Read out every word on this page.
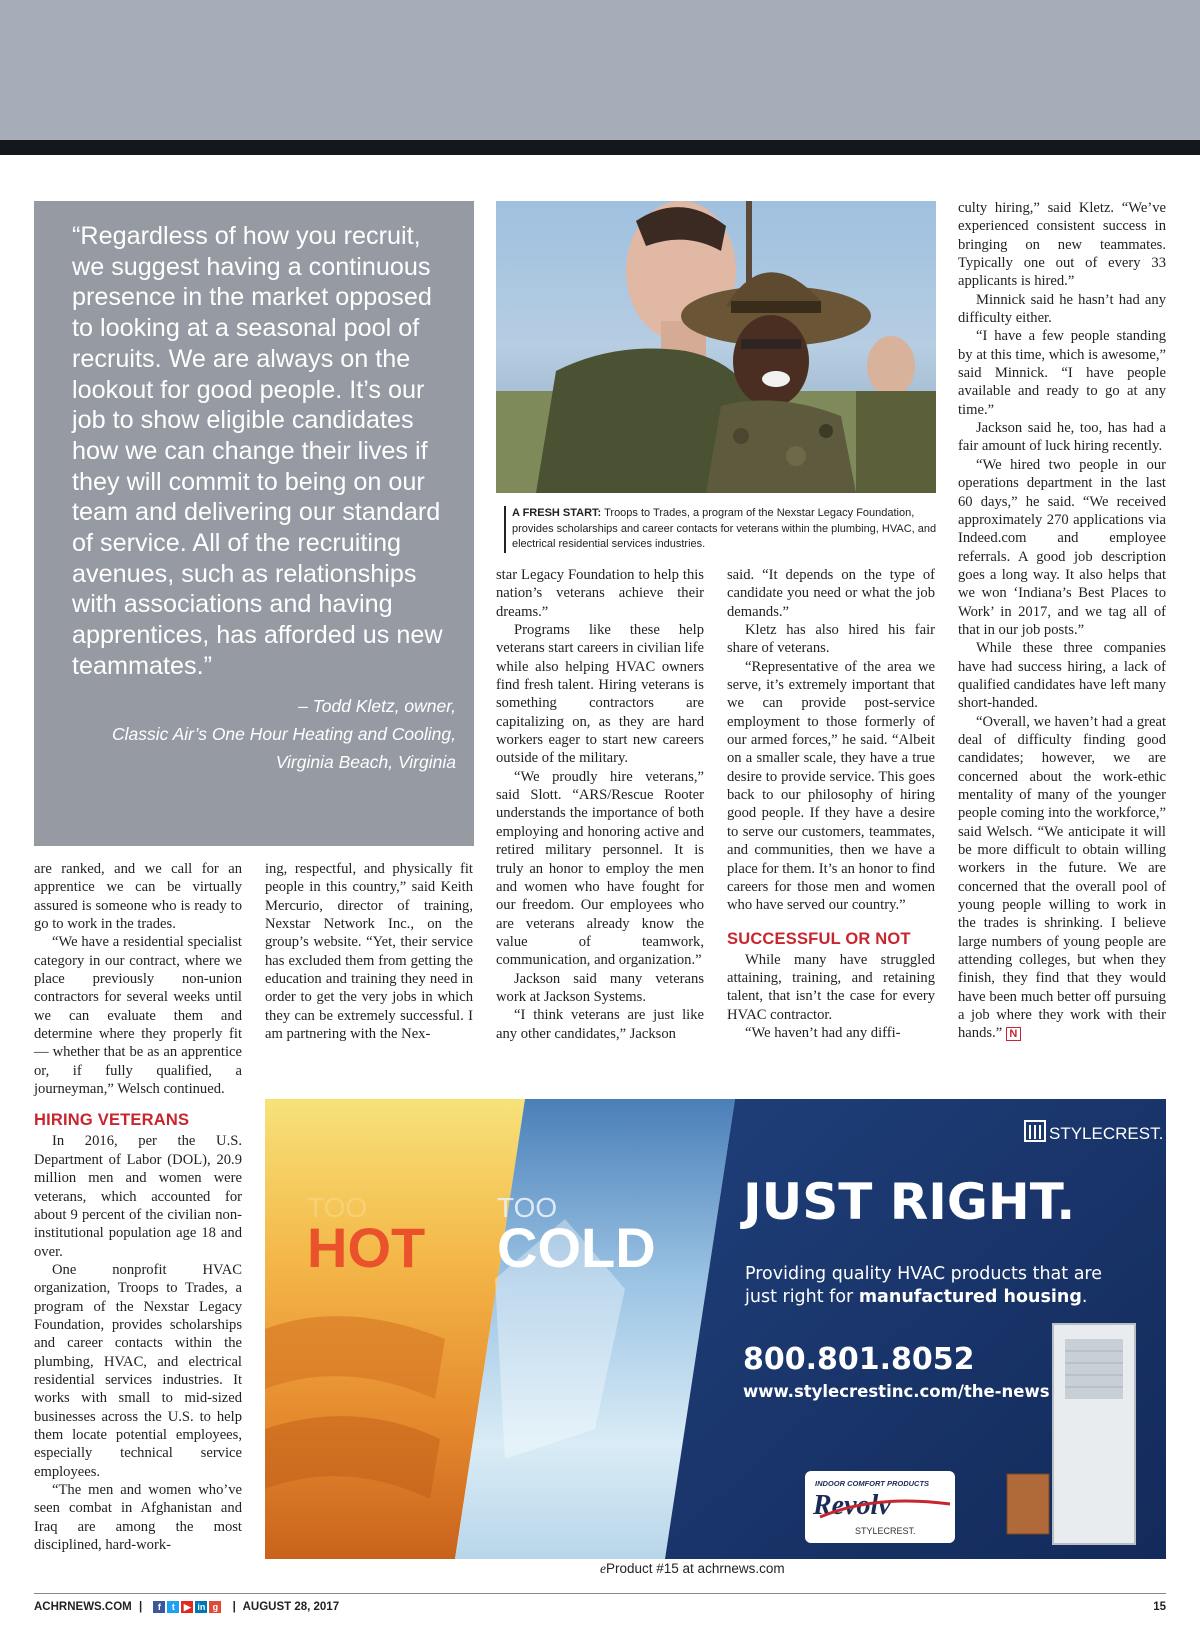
“Regardless of how you recruit, we suggest having a continuous presence in the market opposed to looking at a seasonal pool of recruits. We are always on the lookout for good people. It’s our job to show eligible candidates how we can change their lives if they will commit to being on our team and delivering our standard of service. All of the recruiting avenues, such as relationships with associations and having apprentices, has afforded us new teammates.”

– Todd Kletz, owner,
Classic Air’s One Hour Heating and Cooling,
Virginia Beach, Virginia

A FRESH START: Troops to Trades, a program of the Nexstar Legacy Foundation, provides scholarships and career contacts for veterans within the plumbing, HVAC, and electrical residential services industries.

are ranked, and we call for an apprentice we can be virtually assured is someone who is ready to go to work in the trades.

“We have a residential specialist category in our contract, where we place previously non-union contractors for several weeks until we can evaluate them and determine where they properly fit — whether that be as an apprentice or, if fully qualified, a journeyman,” Welsch continued.

HIRING VETERANS

In 2016, per the U.S. Department of Labor (DOL), 20.9 million men and women were veterans, which accounted for about 9 percent of the civilian non-institutional population age 18 and over.

One nonprofit HVAC organization, Troops to Trades, a program of the Nexstar Legacy Foundation, provides scholarships and career contacts within the plumbing, HVAC, and electrical residential services industries. It works with small to mid-sized businesses across the U.S. to help them locate potential employees, especially technical service employees.

“The men and women who’ve seen combat in Afghanistan and Iraq are among the most disciplined, hard-work-

ing, respectful, and physically fit people in this country,” said Keith Mercurio, director of training, Nexstar Network Inc., on the group’s website. “Yet, their service has excluded them from getting the education and training they need in order to get the very jobs in which they can be extremely successful. I am partnering with the Nex-

star Legacy Foundation to help this nation’s veterans achieve their dreams.”

Programs like these help veterans start careers in civilian life while also helping HVAC owners find fresh talent. Hiring veterans is something contractors are capitalizing on, as they are hard workers eager to start new careers outside of the military.

“We proudly hire veterans,” said Slott. “ARS/Rescue Rooter understands the importance of both employing and honoring active and retired military personnel. It is truly an honor to employ the men and women who have fought for our freedom. Our employees who are veterans already know the value of teamwork, communication, and organization.”

Jackson said many veterans work at Jackson Systems.

“I think veterans are just like any other candidates,” Jackson

said. “It depends on the type of candidate you need or what the job demands.”

Kletz has also hired his fair share of veterans.

“Representative of the area we serve, it’s extremely important that we can provide post-service employment to those formerly of our armed forces,” he said. “Albeit on a smaller scale, they have a true desire to provide service. This goes back to our philosophy of hiring good people. If they have a desire to serve our customers, teammates, and communities, then we have a place for them. It’s an honor to find careers for those men and women who have served our country.”

SUCCESSFUL OR NOT

While many have struggled attaining, training, and retaining talent, that isn’t the case for every HVAC contractor.

“We haven’t had any diffi-

culty hiring,” said Kletz. “We’ve experienced consistent success in bringing on new teammates. Typically one out of every 33 applicants is hired.”

Minnick said he hasn’t had any difficulty either.

“I have a few people standing by at this time, which is awesome,” said Minnick. “I have people available and ready to go at any time.”

Jackson said he, too, has had a fair amount of luck hiring recently.

“We hired two people in our operations department in the last 60 days,” he said. “We received approximately 270 applications via Indeed.com and employee referrals. A good job description goes a long way. It also helps that we won ‘Indiana’s Best Places to Work’ in 2017, and we tag all of that in our job posts.”

While these three companies have had success hiring, a lack of qualified candidates have left many short-handed.

“Overall, we haven’t had a great deal of difficulty finding good candidates; however, we are concerned about the work-ethic mentality of many of the younger people coming into the workforce,” said Welsch. “We anticipate it will be more difficult to obtain willing workers in the future. We are concerned that the overall pool of young people willing to work in the trades is shrinking. I believe large numbers of young people are attending colleges, but when they finish, they find that they would have been much better off pursuing a job where they work with their hands.” N

TOO
HOT
TOO
COLD
STYLECREST.
JUST RIGHT.
Providing quality HVAC products that are
just right for manufactured housing.
800.801.8052
www.stylecrestinc.com/the-news
INDOOR COMFORT PRODUCTS
Revolv
STYLECREST.
eProduct #15 at achrnews.com
ACHRNEWS.COM |	f	t	▶ in g | AUGUST 28, 2017	15
